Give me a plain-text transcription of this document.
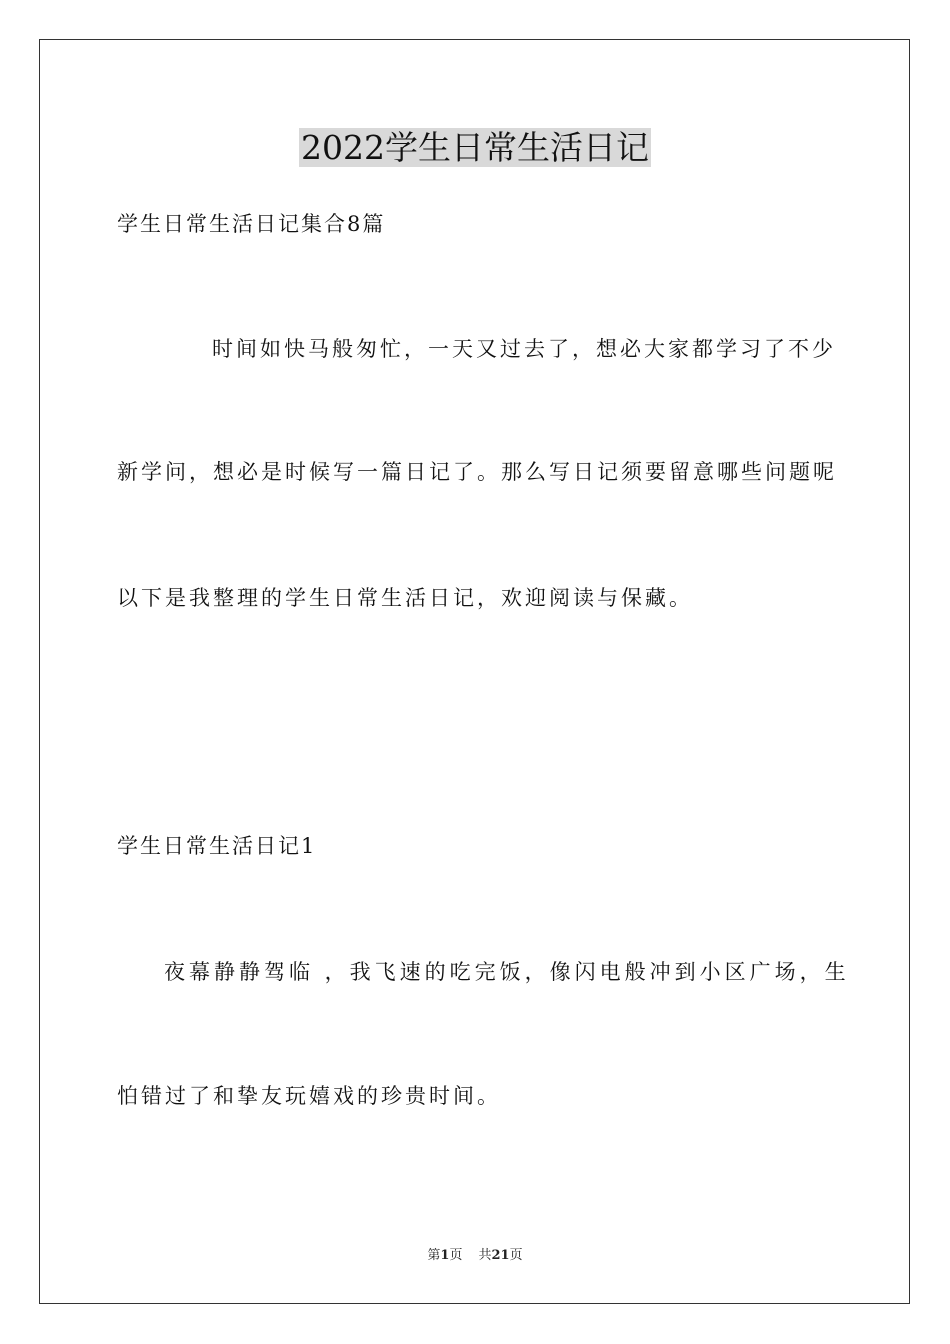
2022学生日常生活日记

学生日常生活日记集合8篇

时间如快马般匆忙，一天又过去了，想必大家都学习了不少

新学问，想必是时候写一篇日记了。那么写日记须要留意哪些问题呢

以下是我整理的学生日常生活日记，欢迎阅读与保藏。

学生日常生活日记1

夜幕静静驾临 ，我飞速的吃完饭，像闪电般冲到小区广场，生

怕错过了和挚友玩嬉戏的珍贵时间。

第1页 共21页
